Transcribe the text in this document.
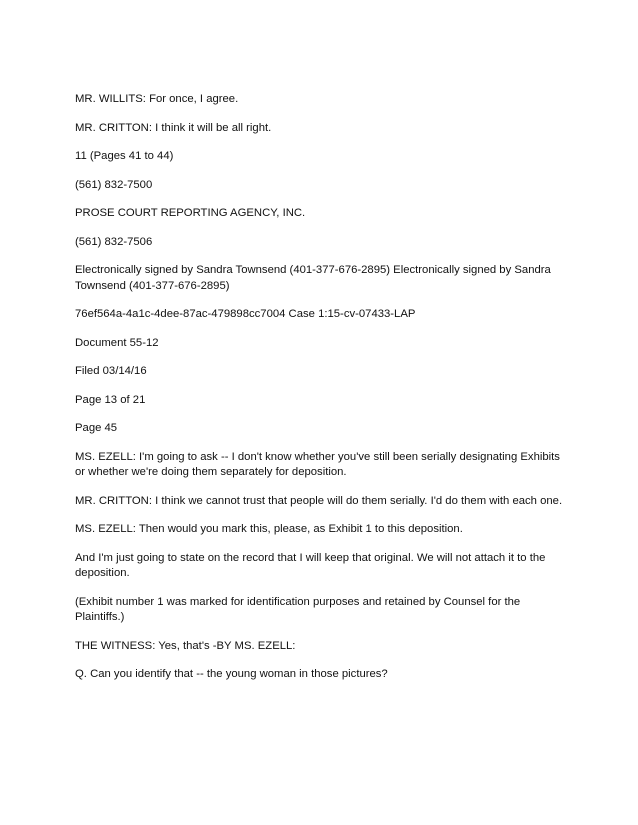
MR. WILLITS: For once, I agree.

MR. CRITTON: I think it will be all right.

11 (Pages 41 to 44)

(561) 832-7500

PROSE COURT REPORTING AGENCY, INC.

(561) 832-7506

Electronically signed by Sandra Townsend (401-377-676-2895) Electronically signed by Sandra Townsend (401-377-676-2895)

76ef564a-4a1c-4dee-87ac-479898cc7004 Case 1:15-cv-07433-LAP

Document 55-12

Filed 03/14/16

Page 13 of 21

Page 45

MS. EZELL: I'm going to ask -- I don't know whether you've still been serially designating Exhibits or whether we're doing them separately for deposition.

MR. CRITTON: I think we cannot trust that people will do them serially. I'd do them with each one.

MS. EZELL: Then would you mark this, please, as Exhibit 1 to this deposition.

And I'm just going to state on the record that I will keep that original. We will not attach it to the deposition.

(Exhibit number 1 was marked for identification purposes and retained by Counsel for the Plaintiffs.)

THE WITNESS: Yes, that's -BY MS. EZELL:

Q. Can you identify that -- the young woman in those pictures?
